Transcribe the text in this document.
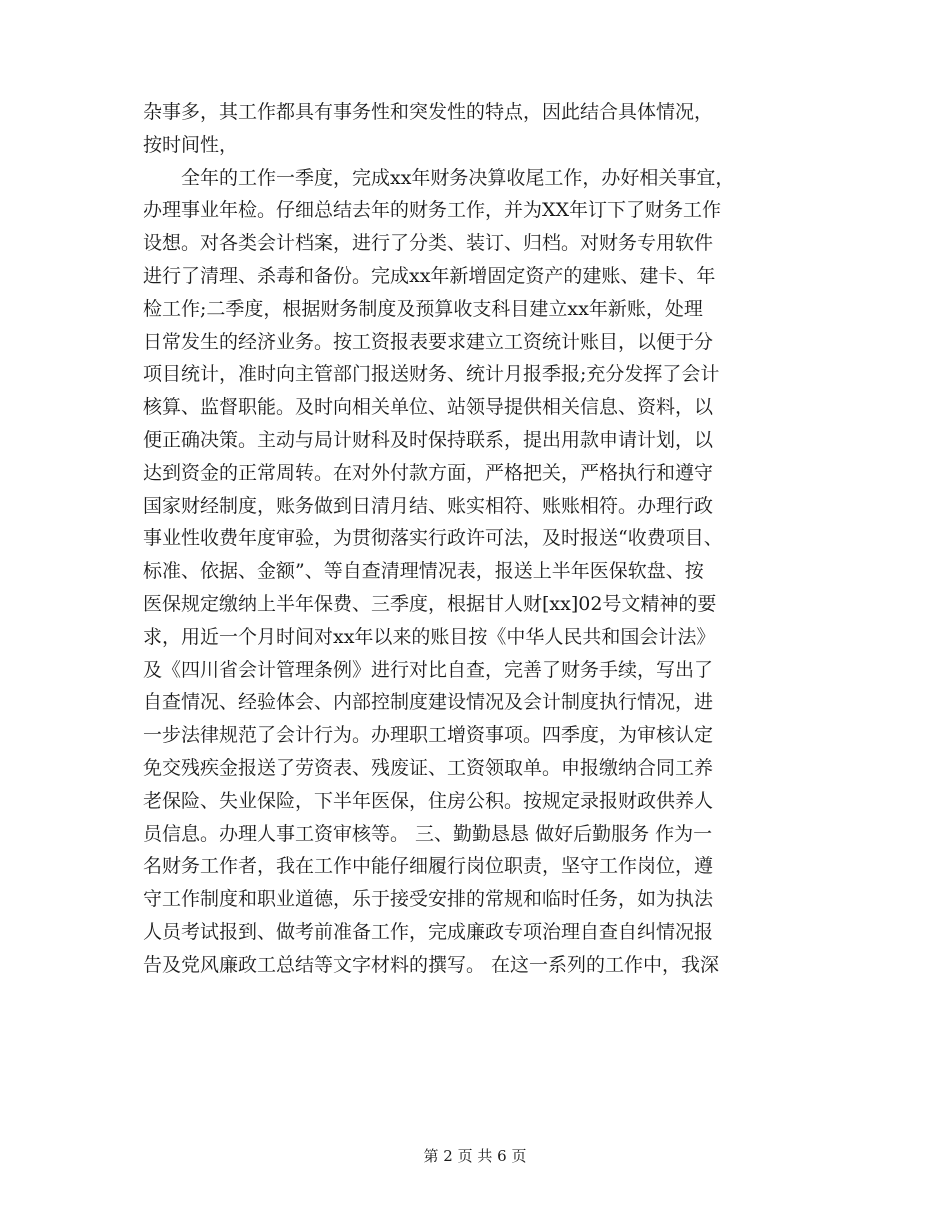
杂事多，其工作都具有事务性和突发性的特点，因此结合具体情况，
按时间性，
　　全年的工作一季度，完成xx年财务决算收尾工作，办好相关事宜，
办理事业年检。仔细总结去年的财务工作，并为XX年订下了财务工作
设想。对各类会计档案，进行了分类、装订、归档。对财务专用软件
进行了清理、杀毒和备份。完成xx年新增固定资产的建账、建卡、年
检工作;二季度，根据财务制度及预算收支科目建立xx年新账，处理
日常发生的经济业务。按工资报表要求建立工资统计账目，以便于分
项目统计，准时向主管部门报送财务、统计月报季报;充分发挥了会计
核算、监督职能。及时向相关单位、站领导提供相关信息、资料，以
便正确决策。主动与局计财科及时保持联系，提出用款申请计划，以
达到资金的正常周转。在对外付款方面，严格把关，严格执行和遵守
国家财经制度，账务做到日清月结、账实相符、账账相符。办理行政
事业性收费年度审验，为贯彻落实行政许可法，及时报送“收费项目、
标准、依据、金额”、等自查清理情况表，报送上半年医保软盘、按
医保规定缴纳上半年保费、三季度，根据甘人财[xx]02号文精神的要
求，用近一个月时间对xx年以来的账目按《中华人民共和国会计法》
及《四川省会计管理条例》进行对比自查，完善了财务手续，写出了
自查情况、经验体会、内部控制度建设情况及会计制度执行情况，进
一步法律规范了会计行为。办理职工增资事项。四季度，为审核认定
免交残疾金报送了劳资表、残废证、工资领取单。申报缴纳合同工养
老保险、失业保险，下半年医保，住房公积。按规定录报财政供养人
员信息。办理人事工资审核等。 三、勤勤恳恳 做好后勤服务 作为一
名财务工作者，我在工作中能仔细履行岗位职责，坚守工作岗位，遵
守工作制度和职业道德，乐于接受安排的常规和临时任务，如为执法
人员考试报到、做考前准备工作，完成廉政专项治理自查自纠情况报
告及党风廉政工总结等文字材料的撰写。 在这一系列的工作中，我深
第 2 页 共 6 页
